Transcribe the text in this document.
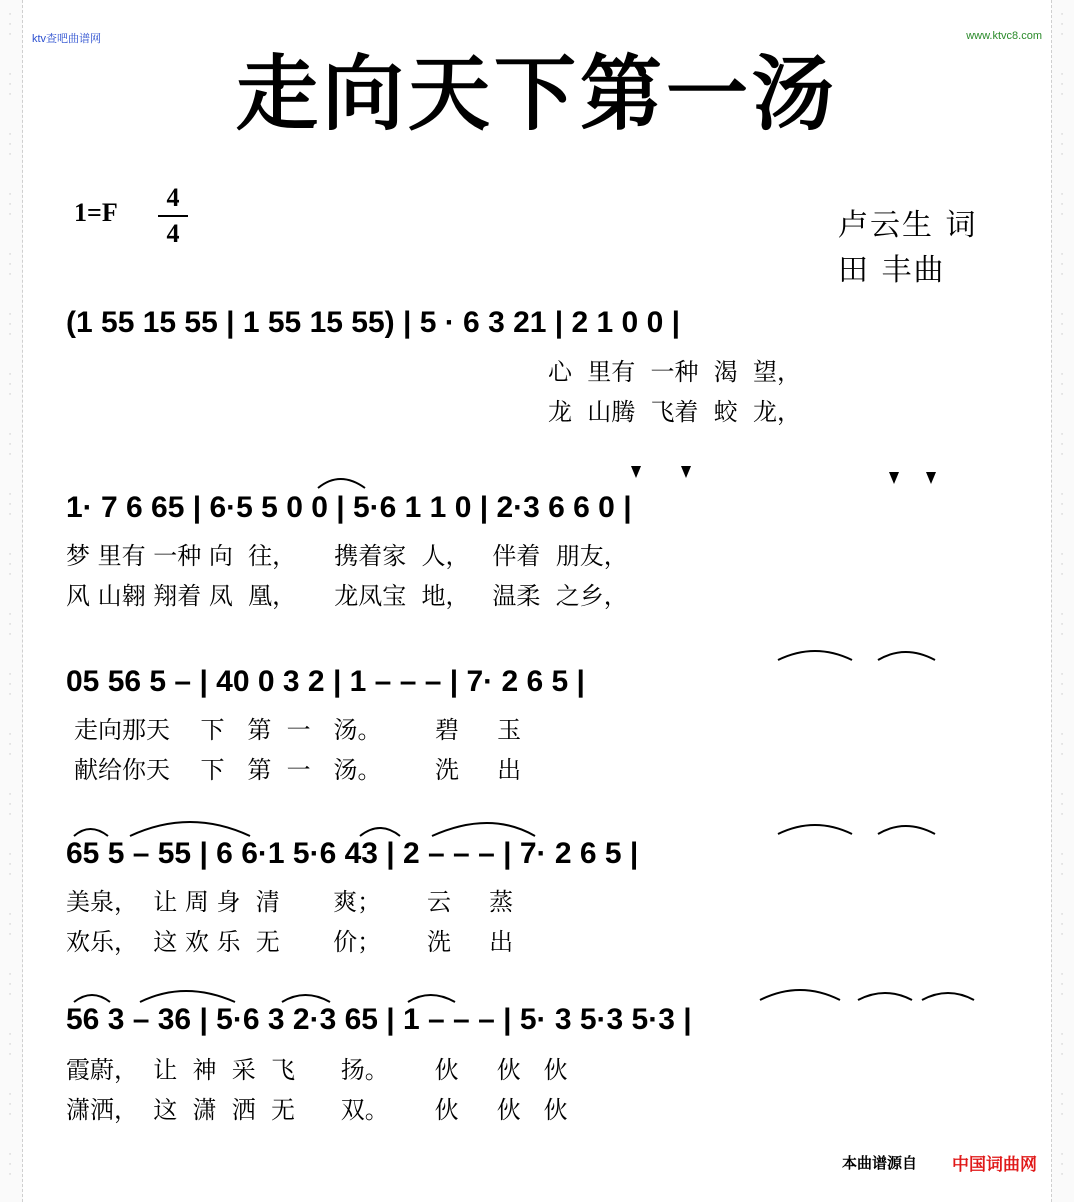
·
·
·
·
·
·
·
·
·
·
·
·
·
·
·
·
·
·
·
·
·
·
·
·
·
·
·
·
·
·
·
·
·
·
·
·
·
·
·
·
·
·
·
·
·
·
·
·
·
·
·
·
·
·
·
·
·
·
·
·
·
·
·
·
·
·
·
·
·
·
·
·
·
·
·
·
·
·
·
·
·
·
·
·
·
·
·
·
·
·
·
·
·
·
·
·
·
·
·
·
·
·
·
·
·
·
·
·
·
·
·
·
·
·
·
·
·
·
·
·
ktv查吧曲谱网	www.ktvc8.com
走向天下第一汤
1=F
4
4	卢云生 词
田 丰曲
(1 55 15 55 | 1 55 15 55) | 5 · 6 3 21 | 2 1 0 0 |
心  里有  一种  渴  望，
龙  山腾  飞着  蛟  龙，
1· 7 6 65 | 6·5 5 0 0 | 5·6 1 1 0 | 2·3 6 6 0 |
梦 里有 一种 向  往，     携着家  人，   伴着  朋友，
风 山翱 翔着 凤  凰，     龙凤宝  地，   温柔  之乡，
05 56 5 – | 40 0 3 2 | 1 – – – | 7· 2 6 5 |
走向那天    下   第  一   汤。       碧     玉
献给你天    下   第  一   汤。       洗     出
65 5 – 55 | 6 6·1 5·6 43 | 2 – – – | 7· 2 6 5 |
美泉，  让 周 身  清       爽；      云     蒸
欢乐，  这 欢 乐  无       价；      洗     出
56 3 – 36 | 5·6 3 2·3 65 | 1 – – – | 5· 3 5·3 5·3 |
霞蔚，  让  神  采  飞      扬。      伙     伙   伙
潇洒，  这  潇  洒  无      双。      伙     伙   伙
本曲谱源自 中国词曲网
